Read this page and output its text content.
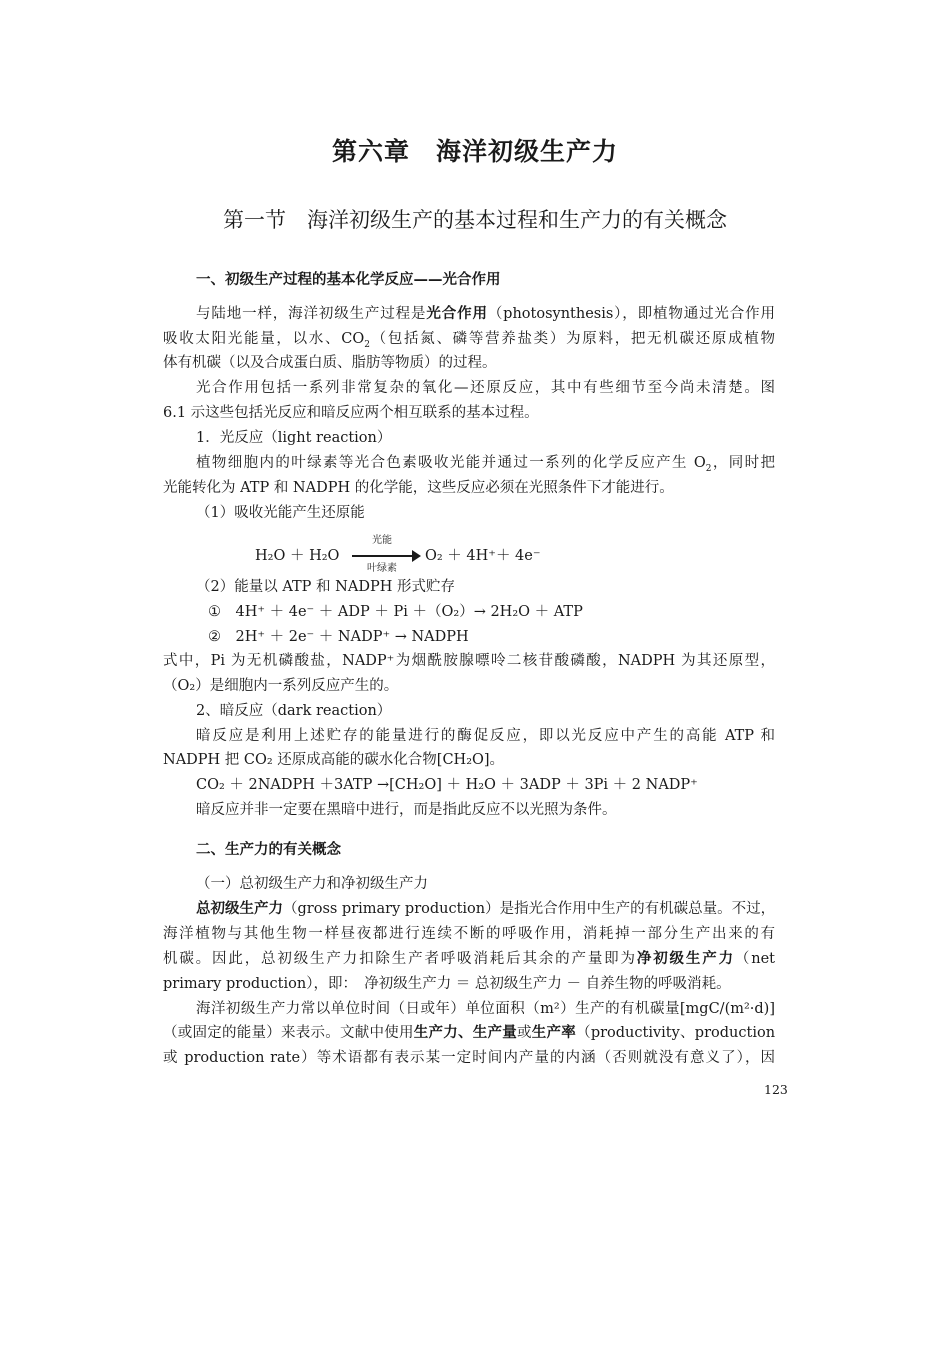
第六章　海洋初级生产力
第一节　海洋初级生产的基本过程和生产力的有关概念
一、初级生产过程的基本化学反应——光合作用
与陆地一样，海洋初级生产过程是光合作用（photosynthesis），即植物通过光合作用
吸收太阳光能量，以水、$CO_2$（包括氮、磷等营养盐类）为原料，把无机碳还原成植物
体有机碳（以及合成蛋白质、脂肪等物质）的过程。
光合作用包括一系列非常复杂的氧化—还原反应，其中有些细节至今尚未清楚。图
6.1 示这些包括光反应和暗反应两个相互联系的基本过程。
1．光反应（light reaction）
植物细胞内的叶绿素等光合色素吸收光能并通过一系列的化学反应产生 $O_2$，同时把
光能转化为 ATP 和 NADPH 的化学能，这些反应必须在光照条件下才能进行。
（1）吸收光能产生还原能
H₂O ＋ H₂O
光能
叶绿素
O₂ ＋ 4H⁺＋ 4e⁻
（2）能量以 ATP 和 NADPH 形式贮存
①　4H⁺ ＋ 4e⁻ ＋ ADP ＋ Pi ＋（O₂）→ 2H₂O ＋ ATP
②　2H⁺ ＋ 2e⁻ ＋ NADP⁺ → NADPH
式中，Pi 为无机磷酸盐，NADP⁺为烟酰胺腺嘌呤二核苷酸磷酸，NADPH 为其还原型，
（O₂）是细胞内一系列反应产生的。
2、暗反应（dark reaction）
暗反应是利用上述贮存的能量进行的酶促反应，即以光反应中产生的高能 ATP 和
NADPH 把 CO₂ 还原成高能的碳水化合物[CH₂O]。
CO₂ ＋ 2NADPH ＋3ATP →[CH₂O] ＋ H₂O ＋ 3ADP ＋ 3Pi ＋ 2 NADP⁺
暗反应并非一定要在黑暗中进行，而是指此反应不以光照为条件。
二、生产力的有关概念
（一）总初级生产力和净初级生产力
总初级生产力（gross primary production）是指光合作用中生产的有机碳总量。不过，
海洋植物与其他生物一样昼夜都进行连续不断的呼吸作用，消耗掉一部分生产出来的有
机碳。因此，总初级生产力扣除生产者呼吸消耗后其余的产量即为净初级生产力（net
primary production），即：　净初级生产力 ＝ 总初级生产力 － 自养生物的呼吸消耗。
海洋初级生产力常以单位时间（日或年）单位面积（m²）生产的有机碳量[mgC/(m²·d)]
（或固定的能量）来表示。文献中使用生产力、生产量或生产率（productivity、production
或 production rate）等术语都有表示某一定时间内产量的内涵（否则就没有意义了），因
123
